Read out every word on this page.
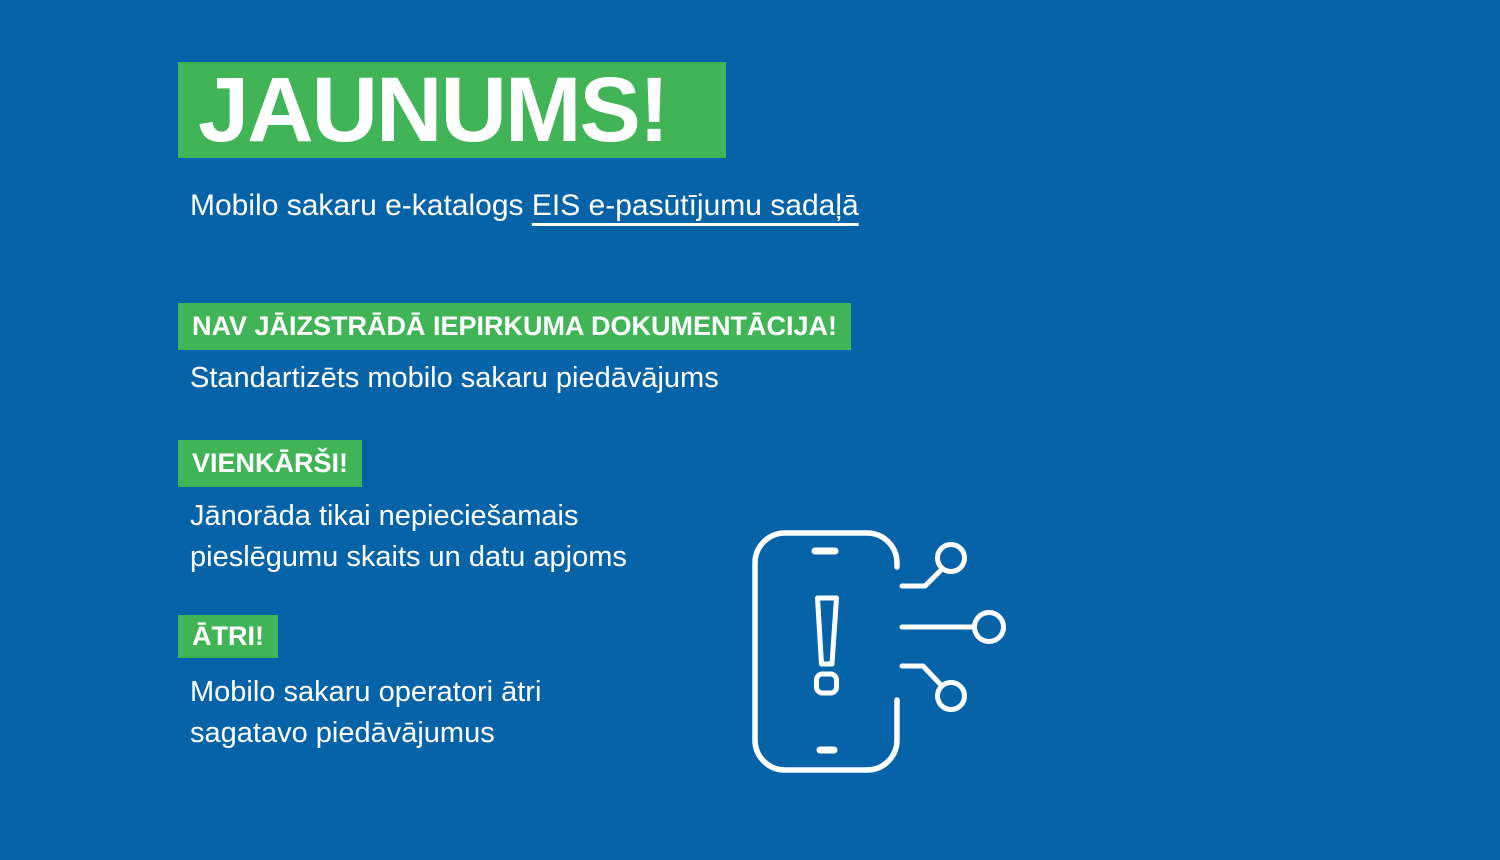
JAUNUMS!
Mobilo sakaru e-katalogs EIS e-pasūtījumu sadaļā
NAV JĀIZSTRĀDĀ IEPIRKUMA DOKUMENTĀCIJA!
Standartizēts mobilo sakaru piedāvājums
VIENKĀRŠI!
Jānorāda tikai nepieciešamais
pieslēgumu skaits un datu apjoms
ĀTRI!
Mobilo sakaru operatori ātri
sagatavo piedāvājumus
